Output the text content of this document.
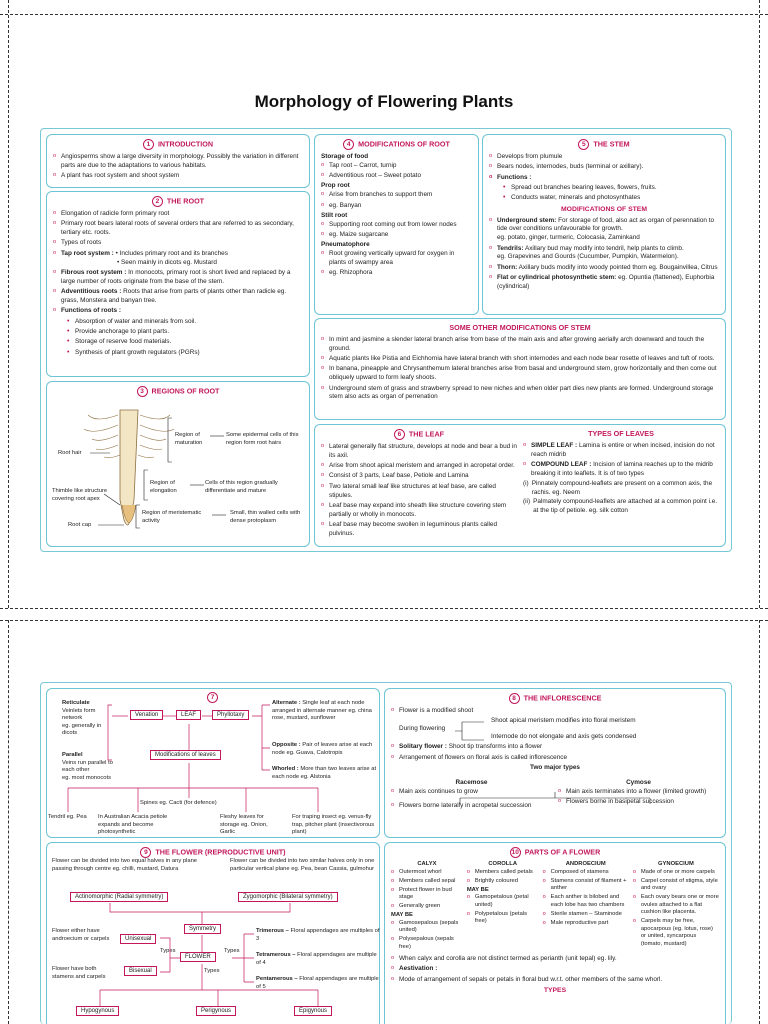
Morphology of Flowering Plants
1 INTRODUCTION
o Angiosperms show a large diversity in morphology. Possibly the variation in different parts are due to the adaptations to various habitats.
o A plant has root system and shoot system
2 THE ROOT
o Elongation of radicle form primary root
o Primary root bears lateral roots of several orders that are referred to as secondary, tertiary etc. roots.
o Types of roots
o Tap root system : • Includes primary root and its branches
• Seen mainly in dicots eg. Mustard
o Fibrous root system : In monocots, primary root is short lived and replaced by a large number of roots originate from the base of the stem.
o Adventitious roots : Roots that arise from parts of plants other than radicle eg. grass, Monstera and banyan tree.
o Functions of roots :
• Absorption of water and minerals from soil.
• Provide anchorage to plant parts.
• Storage of reserve food materials.
• Synthesis of plant growth regulators (PGRs)
3 REGIONS OF ROOT
Region of maturation
Some epidermal cells of this region form root hairs
Root hair
Region of elongation
Cells of this region gradually differentiate and mature
Thimble like structure covering root apex
Region of meristematic activity
Small, thin walled cells with dense protoplasm
Root cap
4 MODIFICATIONS OF ROOT
Storage of food
o Tap root – Carrot, turnip
o Adventitious root – Sweet potato
Prop root
o Arise from branches to support them
o eg. Banyan
Stilt root
o Supporting root coming out from lower nodes
o eg. Maize sugarcane
Pneumatophore
o Root growing vertically upward for oxygen in plants of swampy area
o eg. Rhizophora
5 THE STEM
o Develops from plumule
o Bears nodes, internodes, buds (terminal or axillary).
o Functions :
• Spread out branches bearing leaves, flowers, fruits.
• Conducts water, minerals and photosynthates
MODIFICATIONS OF STEM
o Underground stem: For storage of food, also act as organ of perennation to tide over conditions unfavourable for growth.
eg. potato, ginger, turmeric, Colocasia, Zaminkand
o Tendrils: Axillary bud may modify into tendril, help plants to climb.
eg. Grapevines and Gourds (Cucumber, Pumpkin, Watermelon).
o Thorn: Axillary buds modify into woody pointed thorn eg. Bougainvillea, Citrus
o Flat or cylindrical photosynthetic stem: eg. Opuntia (flattened), Euphorbia (cylindrical)
SOME OTHER MODIFICATIONS OF STEM
o In mint and jasmine a slender lateral branch arise from base of the main axis and after growing aerially arch downward and touch the ground.
o Aquatic plants like Pistia and Eichhornia have lateral branch with short internodes and each node bear rosette of leaves and tuft of roots.
o In banana, pineapple and Chrysanthemum lateral branches arise from basal and underground stem, grow horizontally and then come out obliquely upward to form leafy shoots.
o Underground stem of grass and strawberry spread to new niches and when older part dies new plants are formed. Underground storage stem also acts as organ of perrenation
6 THE LEAF
o Lateral generally flat structure, develops at node and bear a bud in its axil.
o Arise from shoot apical meristem and arranged in acropetal order.
o Consist of 3 parts, Leaf base, Petiole and Lamina
o Two lateral small leaf like structures at leaf base, are called stipules.
o Leaf base may expand into sheath like structure covering stem partially or wholly in monocots.
o Leaf base may become swollen in leguminous plants called pulvinus.
TYPES OF LEAVES
o SIMPLE LEAF : Lamina is entire or when incised, incision do not reach midrib
o COMPOUND LEAF : Incision of lamina reaches up to the midrib breaking it into leaflets. It is of two types
(i) Pinnately compound-leaflets are present on a common axis, the rachis. eg. Neem
(ii) Palmately compound-leaflets are attached at a common point i.e. at the tip of petiole. eg. silk cotton
7
Reticulate
Veinlets form network
eg. generally in dicots
Parallel
Veins run parallel to each other
eg. most monocots
Venation	LEAF	Phyllotaxy
Alternate : Single leaf at each node arranged in alternate manner eg. china rose, mustard, sunflower
Opposite : Pair of leaves arise at each node eg. Guava, Calotropis
Whorled : More than two leaves arise at each node eg. Alstonia
Modifications of leaves
Spines eg. Cacti (for defence)
Tendril eg. Pea In Australian Acacia petiole expands and become photosynthetic
Fleshy leaves for storage eg. Onion, Garlic
For traping insect eg. venus-fly trap, pitcher plant (insectivorous plant)
8 THE INFLORESCENCE
o Flower is a modified shoot
During flowering
Shoot apical meristem modifies into floral meristem
Internode do not elongate and axis gets condensed
o Solitary flower : Shoot tip transforms into a flower
o Arrangement of flowers on floral axis is called inflorescence
Two major types
Racemose
o Main axis continues to grow
o Flowers borne laterally in acropetal succession
Cymose
o Main axis terminates into a flower (limited growth)
o Flowers borne in basipetal succession
9 THE FLOWER (REPRODUCTIVE UNIT)
Flower can be divided into two equal halves in any plane passing through centre eg. chilli, mustard, Datura
Flower can be divided into two similar halves only in one particular vertical plane eg. Pea, bean Cassia, gulmohur
Actinomorphic (Radial symmetry)	Zygomorphic (Bilateral symmetry)
Symmetry
Flower either have androecium or carpels	Unisexual
FLOWER
Types	Types
Types
Flower have both stamens and carpels
Bisexual
Trimerous – Floral appendages are multiples of 3
Tetramerous – Floral appendages are multiple of 4
Pentamerous – Floral appendages are multiple of 5
Hypogynous	Perigynous	Epigynous
10 PARTS OF A FLOWER
CALYX
o Outermost whorl
o Members called sepal
o Protect flower in bud stage
o Generally green
MAY BE
o Gamosepalous (sepals united)
o Polysepalous (sepals free)
COROLLA
o Members called petals
o Brightly coloured
MAY BE
o Gamopetalous (petal united)
o Polypetalous (petals free)
ANDROECIUM
o Composed of stamens
o Stamens consist of filament + anther
o Each anther is bilobed and each lobe has two chambers
o Sterile stamen – Staminode
o Male reproductive part
GYNOECIUM
o Made of one or more carpels
o Carpel consist of stigma, style and ovary
o Each ovary bears one or more ovules attached to a flat cushion like placenta.
o Carpels may be free, apocarpous (eg. lotus, rose) or united, syncarpous (tomato, mustard)
o When calyx and corolla are not distinct termed as perianth (unit tepal) eg. lily.
o Aestivation :
o Mode of arrangement of sepals or petals in floral bud w.r.t. other members of the same whorl.
TYPES
